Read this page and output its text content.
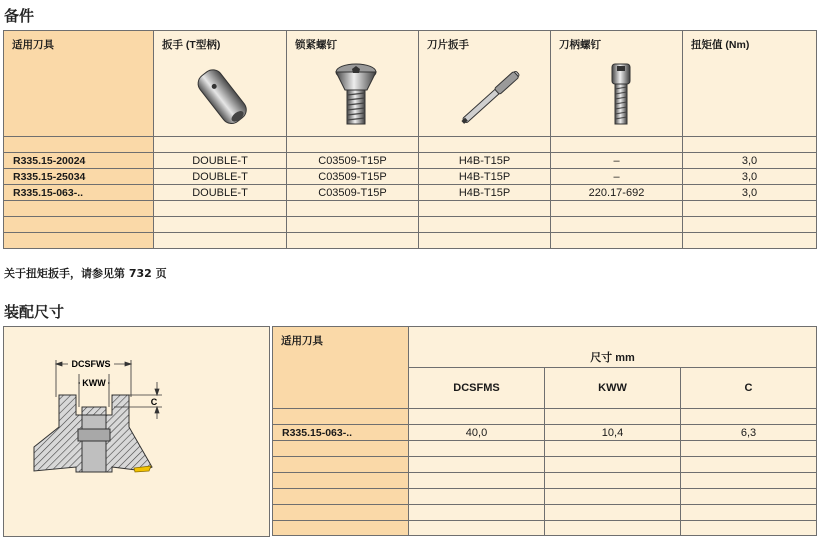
备件
适用刀具	扳手 (T型柄)	锁紧螺钉	刀片扳手	刀柄螺钉	扭矩值 (Nm)

R335.15-20024	DOUBLE-T	C03509-T15P	H4B-T15P	–	3,0
R335.15-25034	DOUBLE-T	C03509-T15P	H4B-T15P	–	3,0
R335.15-063-..	DOUBLE-T	C03509-T15P	H4B-T15P	220.17-692	3,0

关于扭矩扳手，请参见第 732 页
装配尺寸
DCSFWS
KWW
C
适用刀具	尺寸 mm		
	DCSFMS	KWW	C

R335.15-063-..	40,0	10,4	6,3
